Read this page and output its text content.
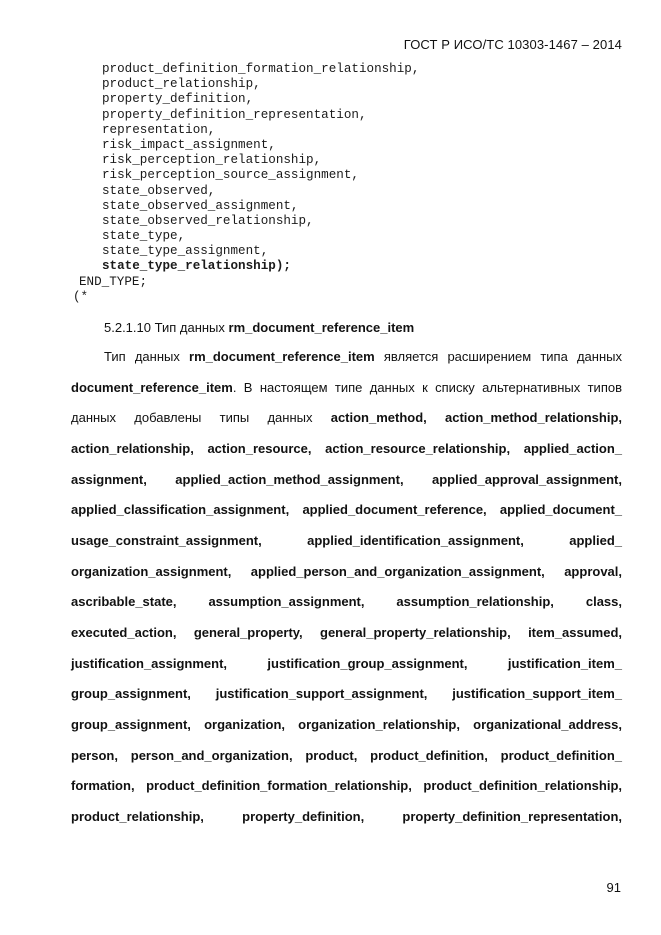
ГОСТ Р ИСО/ТС 10303-1467 – 2014
product_definition_formation_relationship,
product_relationship,
property_definition,
property_definition_representation,
representation,
risk_impact_assignment,
risk_perception_relationship,
risk_perception_source_assignment,
state_observed,
state_observed_assignment,
state_observed_relationship,
state_type,
state_type_assignment,
state_type_relationship);
END_TYPE;
(*
5.2.1.10 Тип данных rm_document_reference_item
Тип данных rm_document_reference_item является расширением типа данных
document_reference_item. В настоящем типе данных к списку альтернативных типов
данных добавлены типы данных action_method, action_method_relationship,
action_relationship, action_resource, action_resource_relationship, applied_action_
assignment, applied_action_method_assignment, applied_approval_assignment,
applied_classification_assignment, applied_document_reference, applied_document_
usage_constraint_assignment, applied_identification_assignment, applied_
organization_assignment, applied_person_and_organization_assignment, approval,
ascribable_state, assumption_assignment, assumption_relationship, class,
executed_action, general_property, general_property_relationship, item_assumed,
justification_assignment, justification_group_assignment, justification_item_
group_assignment, justification_support_assignment, justification_support_item_
group_assignment, organization, organization_relationship, organizational_address,
person, person_and_organization, product, product_definition, product_definition_
formation, product_definition_formation_relationship, product_definition_relationship,
product_relationship, property_definition, property_definition_representation,
91
